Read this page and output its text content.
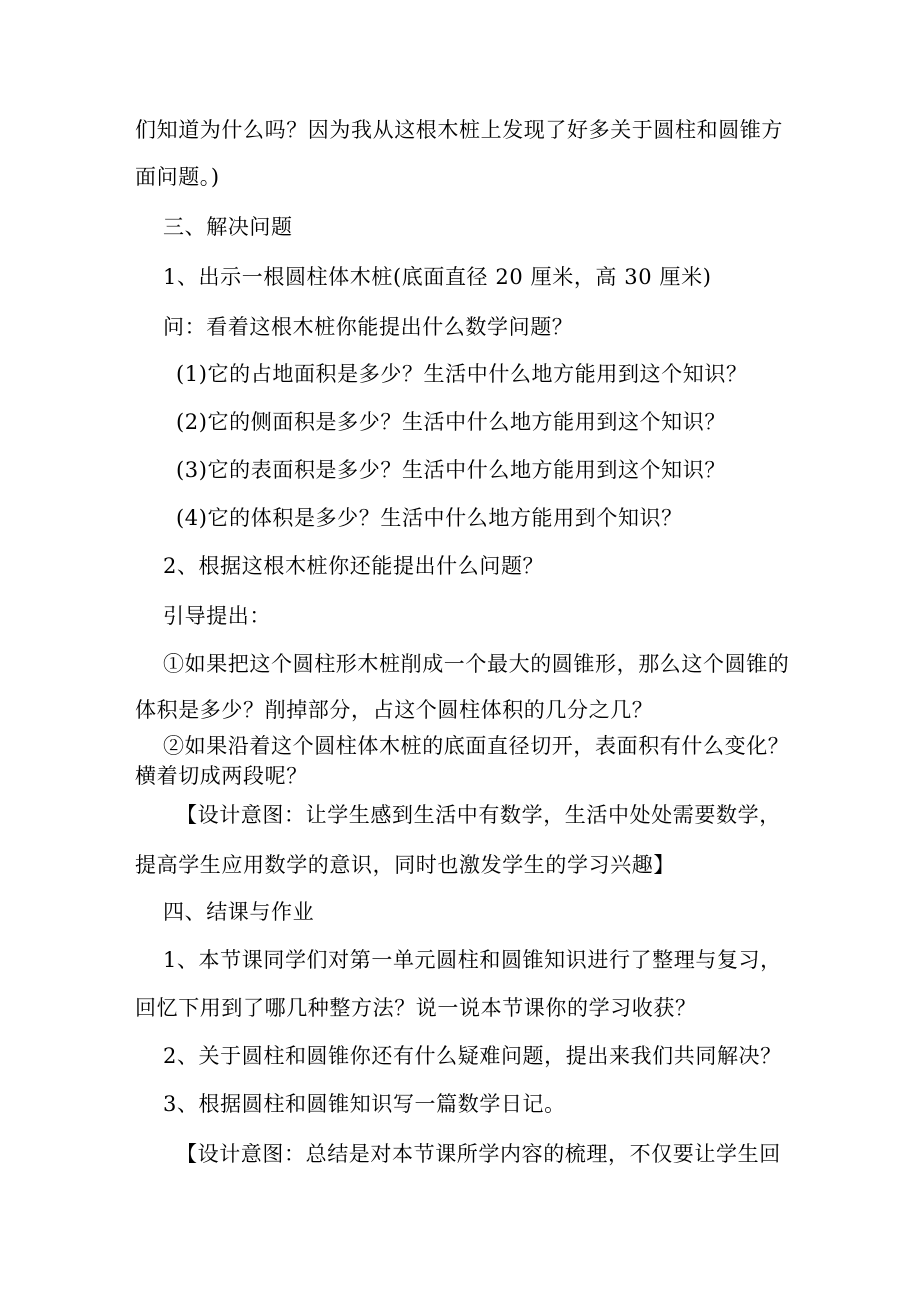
们知道为什么吗？因为我从这根木桩上发现了好多关于圆柱和圆锥方
面问题。)
三、解决问题
1、出示一根圆柱体木桩(底面直径 20 厘米，高 30 厘米)
问：看着这根木桩你能提出什么数学问题？
(1)它的占地面积是多少？生活中什么地方能用到这个知识？
(2)它的侧面积是多少？生活中什么地方能用到这个知识？
(3)它的表面积是多少？生活中什么地方能用到这个知识？
(4)它的体积是多少？生活中什么地方能用到个知识？
2、根据这根木桩你还能提出什么问题？
引导提出：
①如果把这个圆柱形木桩削成一个最大的圆锥形，那么这个圆锥的
体积是多少？削掉部分，占这个圆柱体积的几分之几？
②如果沿着这个圆柱体木桩的底面直径切开，表面积有什么变化？
横着切成两段呢？
【设计意图：让学生感到生活中有数学，生活中处处需要数学，
提高学生应用数学的意识，同时也激发学生的学习兴趣】
四、结课与作业
1、本节课同学们对第一单元圆柱和圆锥知识进行了整理与复习，
回忆下用到了哪几种整方法？说一说本节课你的学习收获？
2、关于圆柱和圆锥你还有什么疑难问题，提出来我们共同解决？
3、根据圆柱和圆锥知识写一篇数学日记。
【设计意图：总结是对本节课所学内容的梳理，不仅要让学生回
